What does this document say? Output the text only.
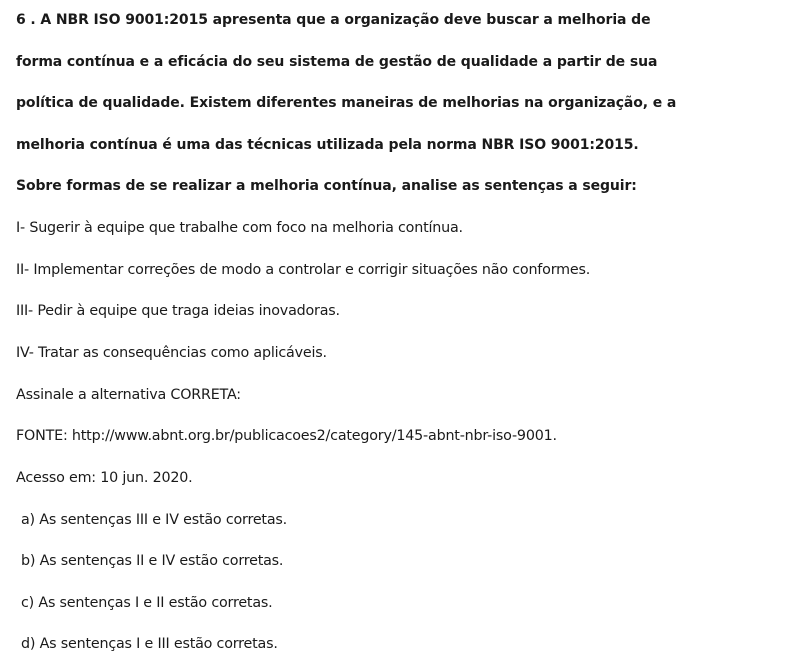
6 . A NBR ISO 9001:2015 apresenta que a organização deve buscar a melhoria de
forma contínua e a eficácia do seu sistema de gestão de qualidade a partir de sua
política de qualidade. Existem diferentes maneiras de melhorias na organização, e a
melhoria contínua é uma das técnicas utilizada pela norma NBR ISO 9001:2015.
Sobre formas de se realizar a melhoria contínua, analise as sentenças a seguir:
I- Sugerir à equipe que trabalhe com foco na melhoria contínua.
II- Implementar correções de modo a controlar e corrigir situações não conformes.
III- Pedir à equipe que traga ideias inovadoras.
IV- Tratar as consequências como aplicáveis.
Assinale a alternativa CORRETA:
FONTE: http://www.abnt.org.br/publicacoes2/category/145-abnt-nbr-iso-9001.
Acesso em: 10 jun. 2020.
a) As sentenças III e IV estão corretas.
b) As sentenças II e IV estão corretas.
c) As sentenças I e II estão corretas.
d) As sentenças I e III estão corretas.
